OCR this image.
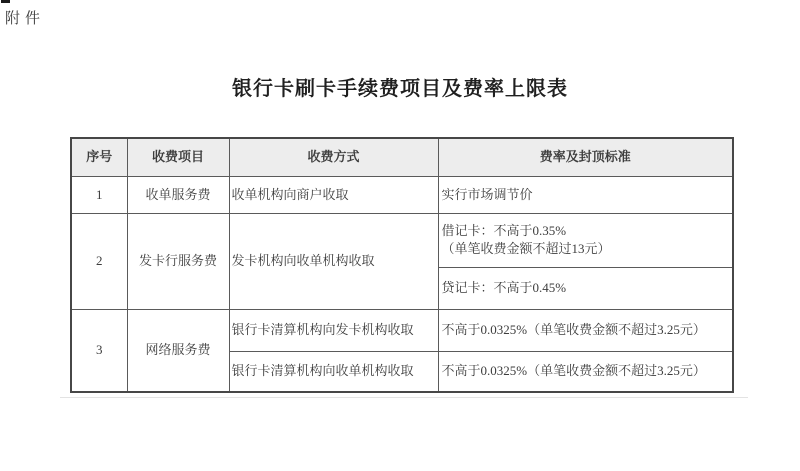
附件
银行卡刷卡手续费项目及费率上限表
序号	收费项目	收费方式	费率及封顶标准
1	收单服务费	收单机构向商户收取	实行市场调节价
2	发卡行服务费	发卡机构向收单机构收取	借记卡：不高于0.35%
（单笔收费金额不超过13元）

			贷记卡：不高于0.45%
3	网络服务费	银行卡清算机构向发卡机构收取	不高于0.0325%（单笔收费金额不超过3.25元）
		银行卡清算机构向收单机构收取	不高于0.0325%（单笔收费金额不超过3.25元）
